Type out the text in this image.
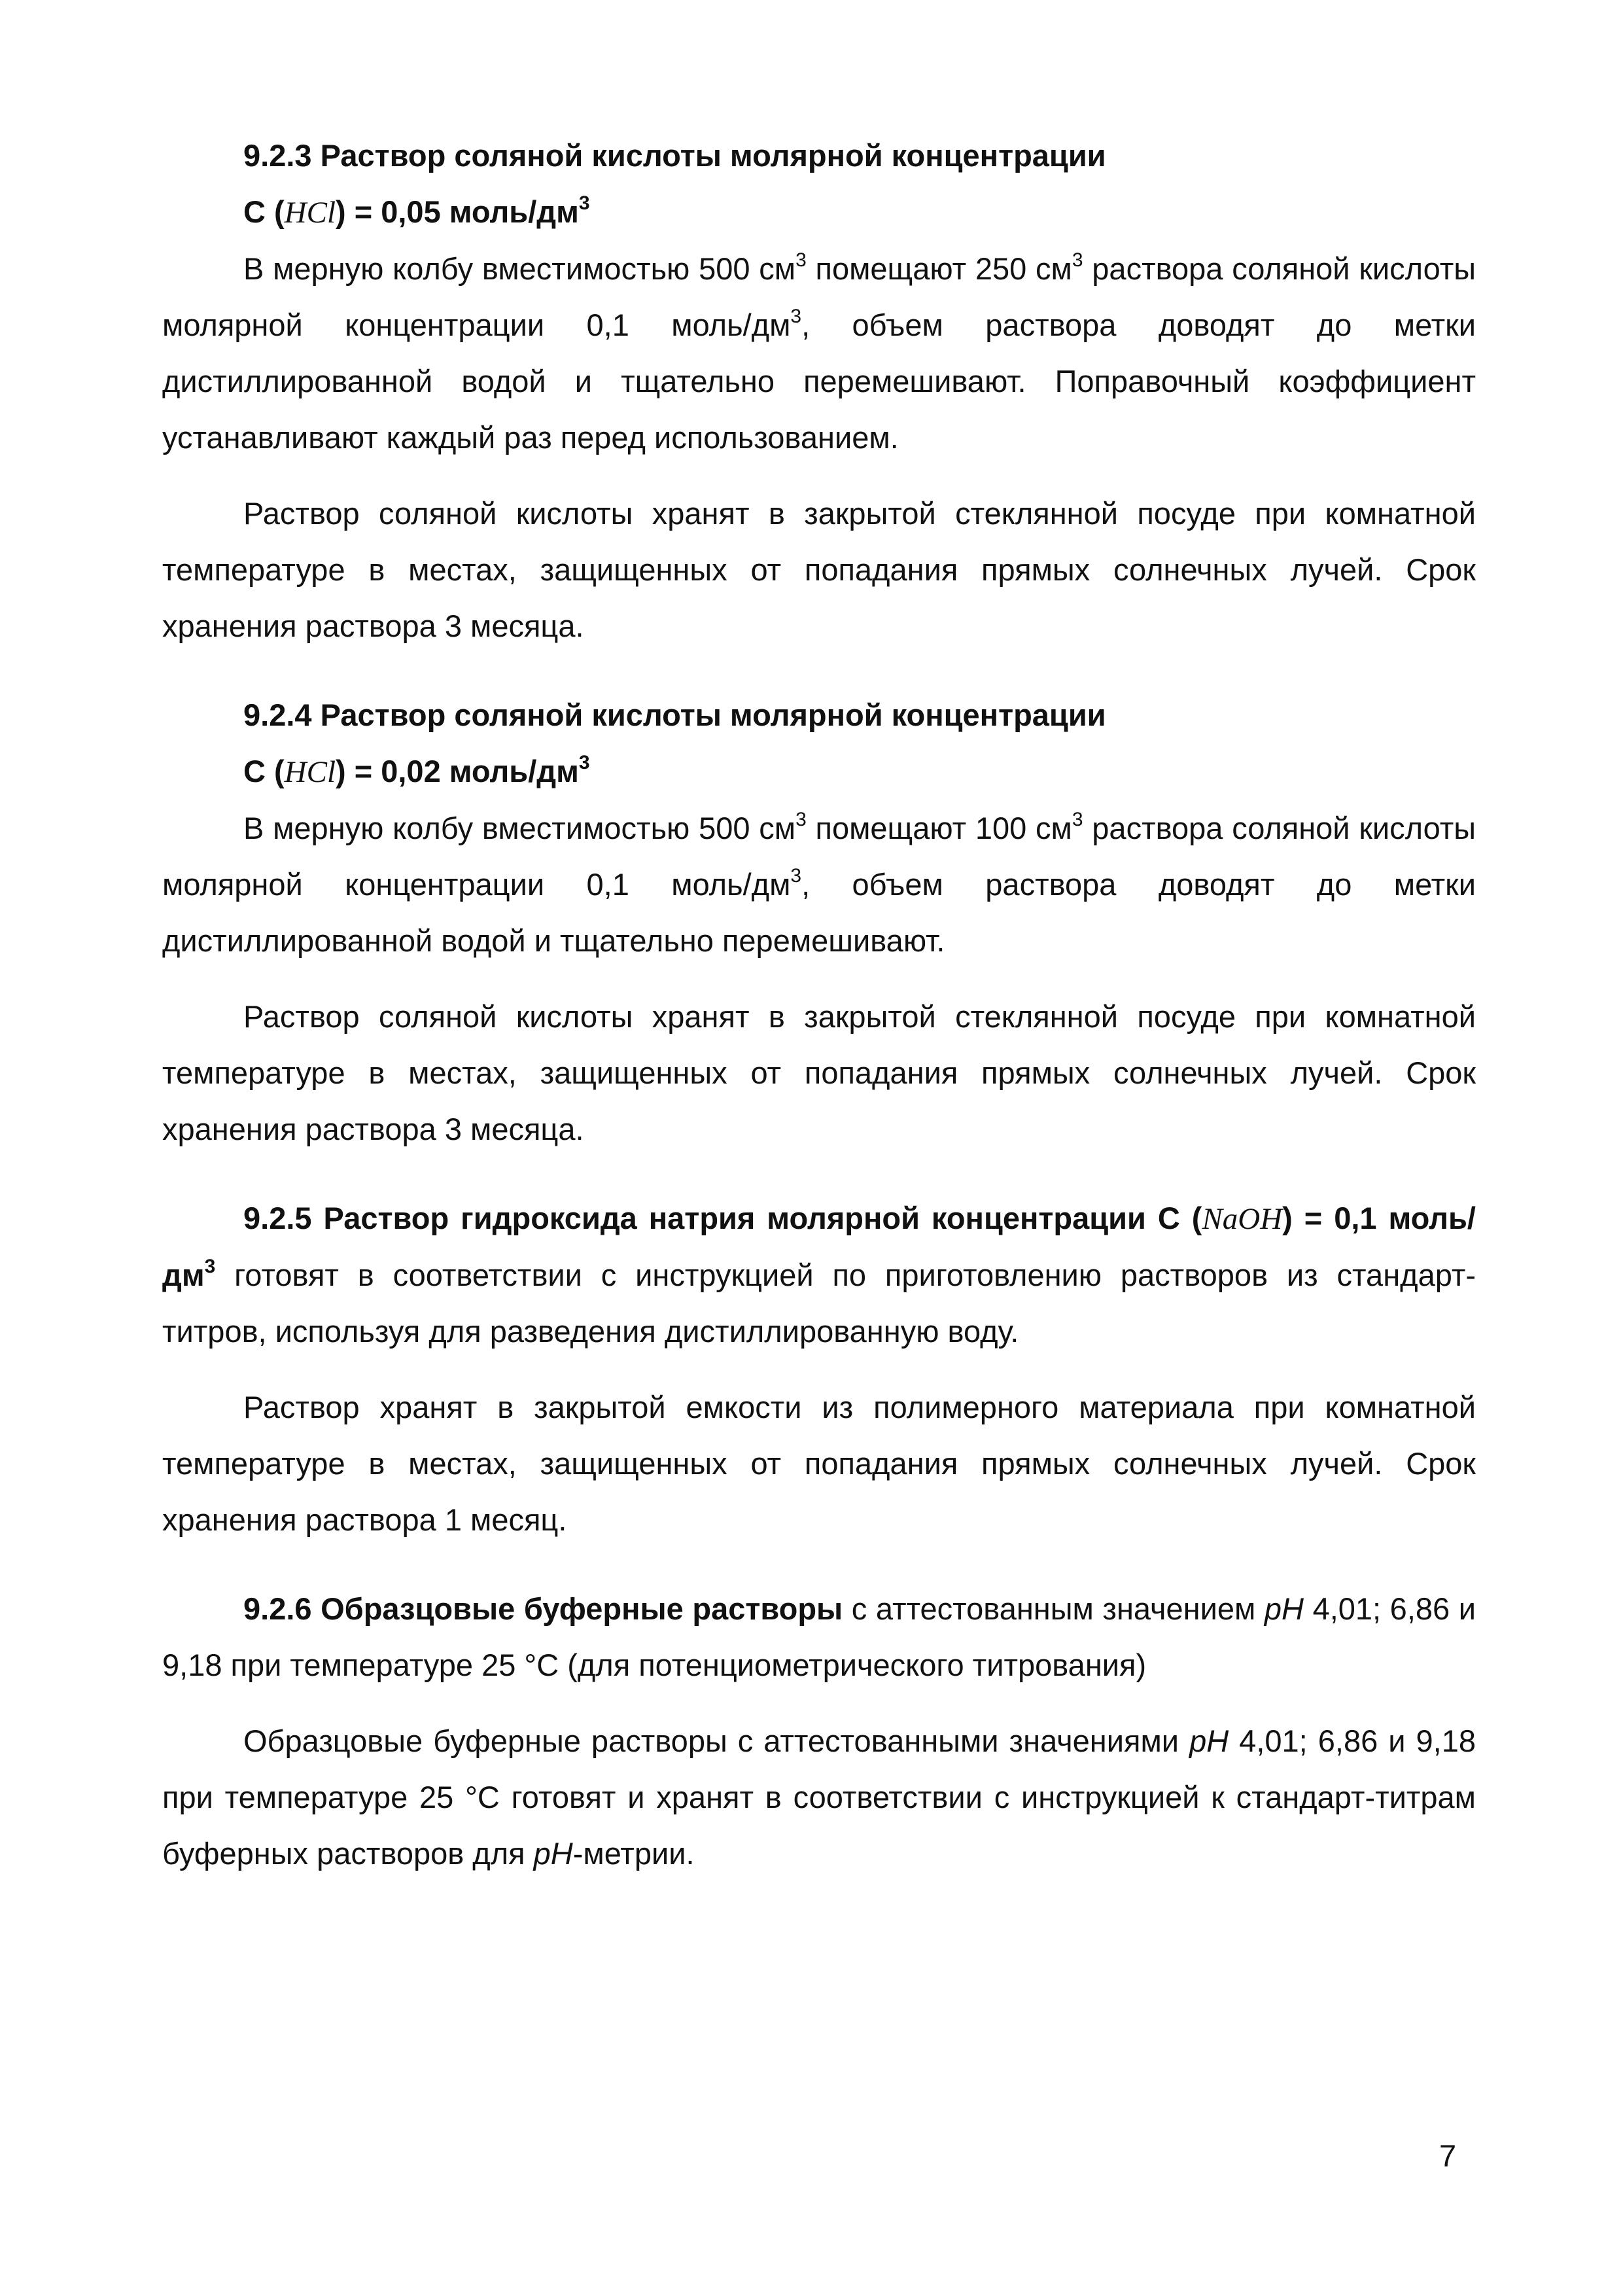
9.2.3 Раствор соляной кислоты молярной концентрации

C (HCl) = 0,05 моль/$дм^3$

В мерную колбу вместимостью 500 $см^3$ помещают 250 $см^3$ раствора соляной кислоты молярной концентрации 0,1 моль/$дм^3$, объем раствора доводят до метки дистиллированной водой и тщательно перемешивают. Поправочный коэффициент устанавливают каждый раз перед использованием.

Раствор соляной кислоты хранят в закрытой стеклянной посуде при комнатной температуре в местах, защищенных от попадания прямых солнечных лучей. Срок хранения раствора 3 месяца.

9.2.4 Раствор соляной кислоты молярной концентрации

C (HCl) = 0,02 моль/$дм^3$

В мерную колбу вместимостью 500 $см^3$ помещают 100 $см^3$ раствора соляной кислоты молярной концентрации 0,1 моль/$дм^3$, объем раствора доводят до метки дистиллированной водой и тщательно перемешивают.

Раствор соляной кислоты хранят в закрытой стеклянной посуде при комнатной температуре в местах, защищенных от попадания прямых солнечных лучей. Срок хранения раствора 3 месяца.

9.2.5 Раствор гидроксида натрия молярной концентрации C (NaOH) = 0,1 моль/$дм^3$ готовят в соответствии с инструкцией по приготовлению растворов из стандарт-титров, используя для разведения дистиллированную воду.

Раствор хранят в закрытой емкости из полимерного материала при комнатной температуре в местах, защищенных от попадания прямых солнечных лучей. Срок хранения раствора 1 месяц.

9.2.6 Образцовые буферные растворы с аттестованным значением pH 4,01; 6,86 и 9,18 при температуре 25 °С (для потенциометрического титрования)

Образцовые буферные растворы с аттестованными значениями pH 4,01; 6,86 и 9,18 при температуре 25 °С готовят и хранят в соответствии с инструкцией к стандарт-титрам буферных растворов для pH-метрии.

7
